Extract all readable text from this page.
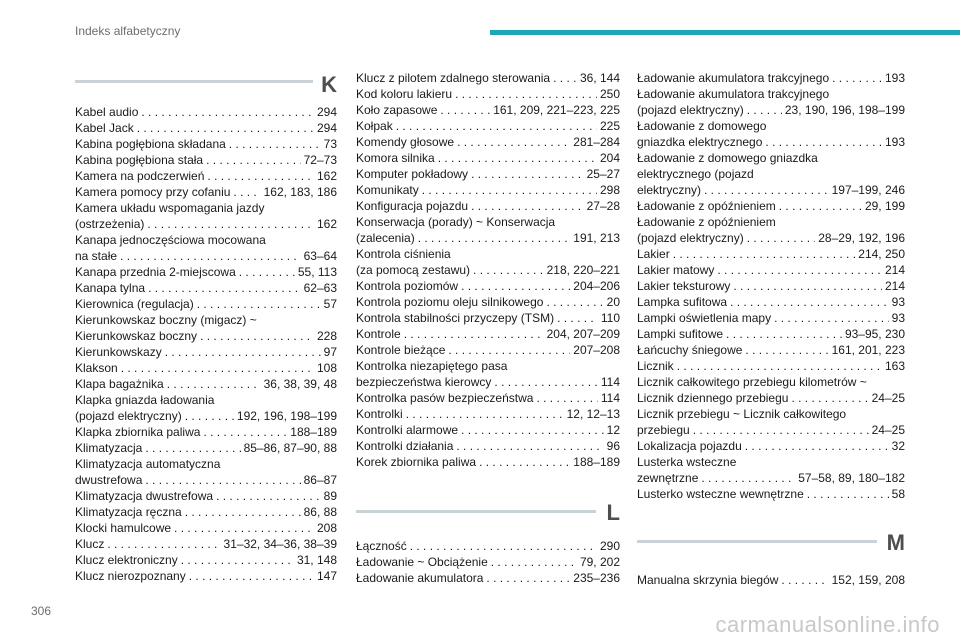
Indeks alfabetyczny
K
Kabel audio . . .	294
Kabel Jack . . .	294
Kabina pogłębiona składana . . .	73
Kabina pogłębiona stała . . .	72–73
Kamera na podczerwień . . .	162
Kamera pomocy przy cofaniu . . .	162, 183, 186
Kamera układu wspomagania jazdy
(ostrzeżenia) . . .	162
Kanapa jednoczęściowa mocowana
na stałe . . .	63–64
Kanapa przednia 2-miejscowa . . .	55, 113
Kanapa tylna . . .	62–63
Kierownica (regulacja) . . .	57
Kierunkowskaz boczny (migacz) ~
Kierunkowskaz boczny . . .	228
Kierunkowskazy . . .	97
Klakson . . .	108
Klapa bagażnika . . .	36, 38, 39, 48
Klapka gniazda ładowania
(pojazd elektryczny) . . .	192, 196, 198–199
Klapka zbiornika paliwa . . .	188–189
Klimatyzacja . . .	85–86, 87–90, 88
Klimatyzacja automatyczna
dwustrefowa . . .	86–87
Klimatyzacja dwustrefowa . . .	89
Klimatyzacja ręczna . . .	86, 88
Klocki hamulcowe . . .	208
Klucz . . .	31–32, 34–36, 38–39
Klucz elektroniczny . . .	31, 148
Klucz nierozpoznany . . .	147
Klucz z pilotem zdalnego sterowania . . . 36, 144
Kod koloru lakieru . . .	250
Koło zapasowe . . .	161, 209, 221–223, 225
Kołpak . . .	225
Komendy głosowe . . .	281–284
Komora silnika . . .	204
Komputer pokładowy . . .	25–27
Komunikaty . . .	298
Konfiguracja pojazdu . . .	27–28
Konserwacja (porady) ~ Konserwacja
(zalecenia) . . .	191, 213
Kontrola ciśnienia
(za pomocą zestawu) . . .	218, 220–221
Kontrola poziomów . . .	204–206
Kontrola poziomu oleju silnikowego . . .	20
Kontrola stabilności przyczepy (TSM) . . .	110
Kontrole . . .	204, 207–209
Kontrole bieżące . . .	207–208
Kontrolka niezapiętego pasa
bezpieczeństwa kierowcy . . .	114
Kontrolka pasów bezpieczeństwa . . .	114
Kontrolki . . .	12, 12–13
Kontrolki alarmowe . . .	12
Kontrolki działania . . .	96
Korek zbiornika paliwa . . .	188–189
L
Łączność . . .	290
Ładowanie ~ Obciążenie . . .	79, 202
Ładowanie akumulatora . . .	235–236
Ładowanie akumulatora trakcyjnego . . .	193
Ładowanie akumulatora trakcyjnego
(pojazd elektryczny) . . .	23, 190, 196, 198–199
Ładowanie z domowego
gniazdka elektrycznego . . .	193
Ładowanie z domowego gniazdka
elektrycznego (pojazd
elektryczny) . . .	197–199, 246
Ładowanie z opóźnieniem . . .	29, 199
Ładowanie z opóźnieniem
(pojazd elektryczny) . . .	28–29, 192, 196
Lakier . . .	214, 250
Lakier matowy . . .	214
Lakier teksturowy . . .	214
Lampka sufitowa . . .	93
Lampki oświetlenia mapy . . .	93
Lampki sufitowe . . .	93–95, 230
Łańcuchy śniegowe . . .	161, 201, 223
Licznik . . .	163
Licznik całkowitego przebiegu kilometrów ~
Licznik dziennego przebiegu . . .	24–25
Licznik przebiegu ~ Licznik całkowitego
przebiegu . . .	24–25
Lokalizacja pojazdu . . .	32
Lusterka wsteczne
zewnętrzne . . .	57–58, 89, 180–182
Lusterko wsteczne wewnętrzne . . .	58
M
Manualna skrzynia biegów . . .	152, 159, 208
306
carmanualsonline.info
